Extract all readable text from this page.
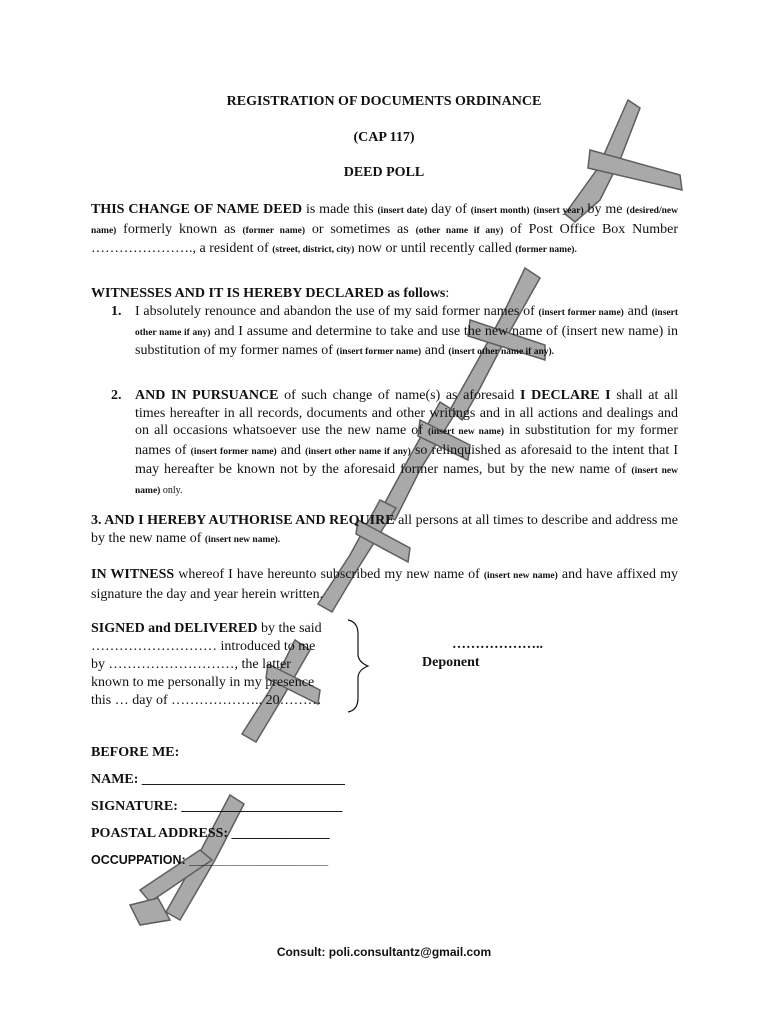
REGISTRATION OF DOCUMENTS ORDINANCE
(CAP 117)
DEED POLL
THIS CHANGE OF NAME DEED is made this (insert date) day of (insert month) (insert year) by me (desired/new name) formerly known as (former name) or sometimes as (other name if any) of Post Office Box Number …………………., a resident of (street, district, city) now or until recently called (former name).
WITNESSES AND IT IS HEREBY DECLARED as follows:
1. I absolutely renounce and abandon the use of my said former names of (insert former name) and (insert other name if any) and I assume and determine to take and use the new name of (insert new name) in substitution of my former names of (insert former name) and (insert other name if any).
2. AND IN PURSUANCE of such change of name(s) as aforesaid I DECLARE I shall at all times hereafter in all records, documents and other writings and in all actions and dealings and on all occasions whatsoever use the new name of (insert new name) in substitution for my former names of (insert former name) and (insert other name if any) so relinquished as aforesaid to the intent that I may hereafter be known not by the aforesaid former names, but by the new name of (insert new name) only.
3. AND I HEREBY AUTHORISE AND REQUIRE all persons at all times to describe and address me by the new name of (insert new name).
IN WITNESS whereof I have hereunto subscribed my new name of (insert new name) and have affixed my signature the day and year herein written.
SIGNED and DELIVERED by the said
……………………… introduced to me
by ………………………, the latter
known to me personally in my presence
this … day of ……………….. 20………
………………..
Deponent
BEFORE ME:
NAME: _____________________________
SIGNATURE: _______________________
POASTAL ADDRESS: ______________
OCCUPPATION: ____________________
Consult: poli.consultantz@gmail.com
